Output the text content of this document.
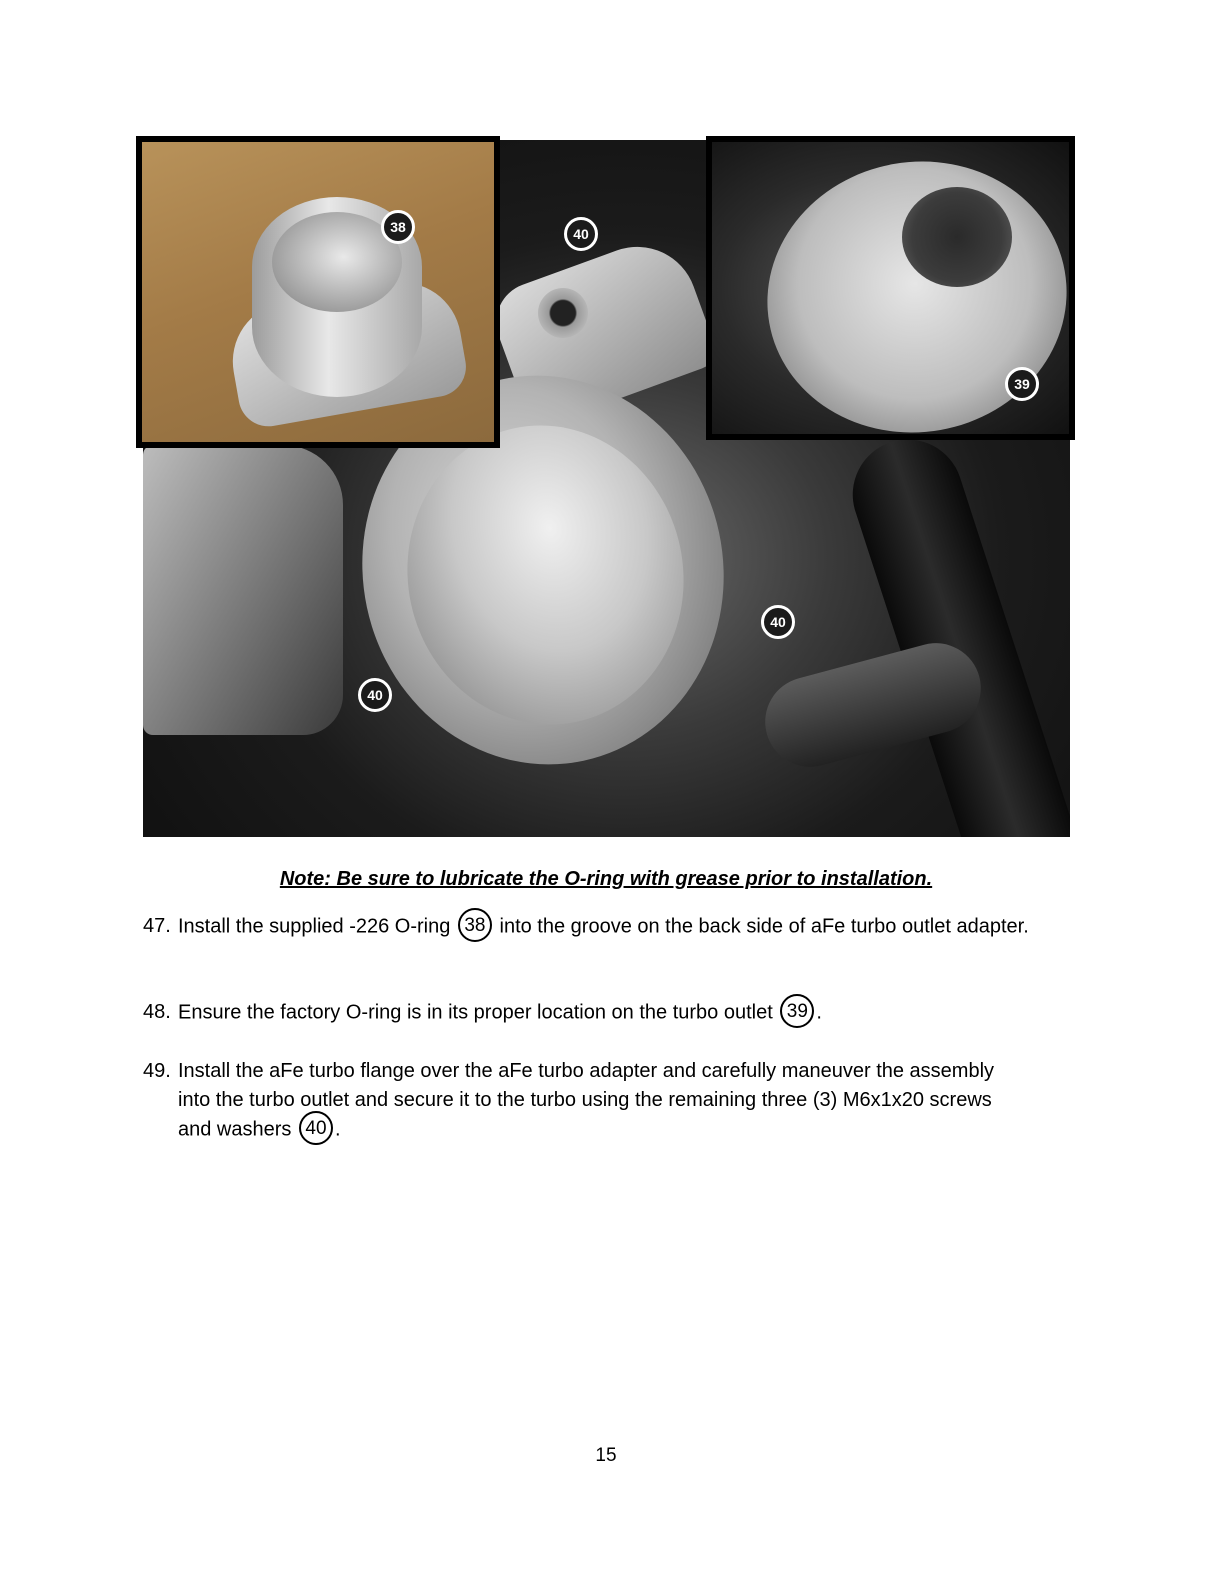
38	40
39
40
40
Note: Be sure to lubricate the O-ring with grease prior to installation.
47. Install the supplied -226 O-ring 38 into the groove on the back side of aFe turbo outlet adapter.
48. Ensure the factory O-ring is in its proper location on the turbo outlet 39 .
49. Install the aFe turbo flange over the aFe turbo adapter and carefully maneuver the assembly into the turbo outlet and secure it to the turbo using the remaining three (3) M6x1x20 screws and washers 40 .
15
